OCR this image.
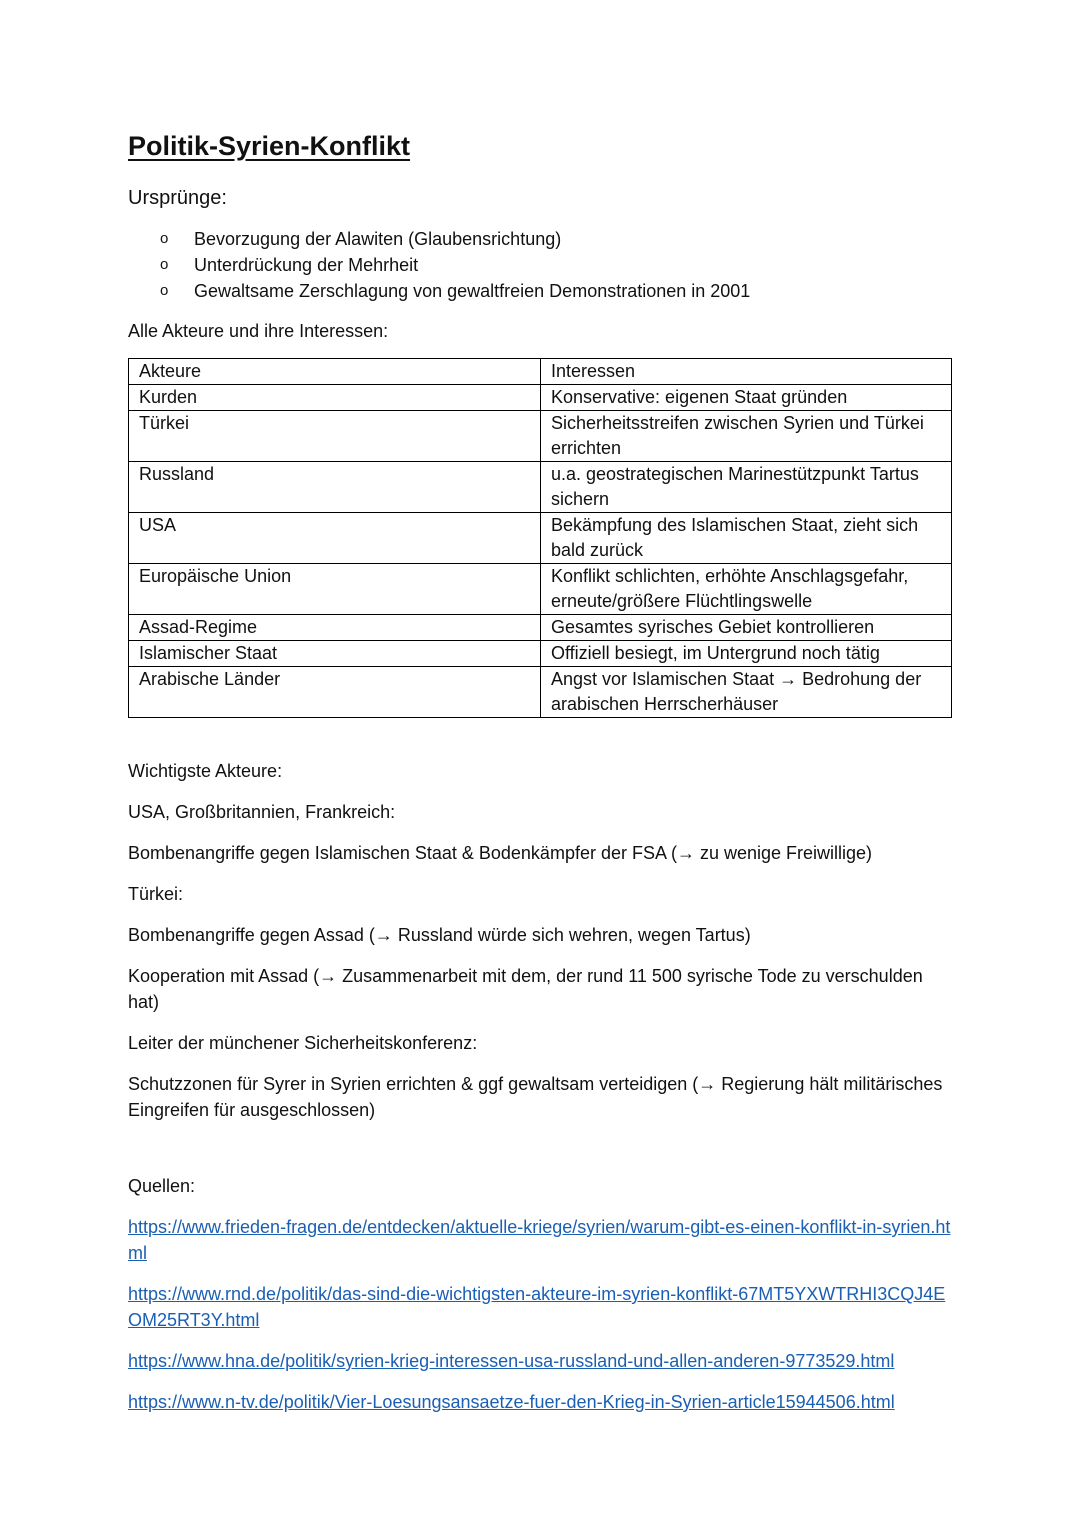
Politik-Syrien-Konflikt

Ursprünge:

o	Bevorzugung der Alawiten (Glaubensrichtung)
o	Unterdrückung der Mehrheit
o	Gewaltsame Zerschlagung von gewaltfreien Demonstrationen in 2001

Alle Akteure und ihre Interessen:

Akteure	Interessen
Kurden	Konservative: eigenen Staat gründen
Türkei	Sicherheitsstreifen zwischen Syrien und Türkei errichten
Russland	u.a. geostrategischen Marinestützpunkt Tartus sichern
USA	Bekämpfung des Islamischen Staat, zieht sich bald zurück
Europäische Union	Konflikt schlichten, erhöhte Anschlagsgefahr, erneute/größere Flüchtlingswelle
Assad-Regime	Gesamtes syrisches Gebiet kontrollieren
Islamischer Staat	Offiziell besiegt, im Untergrund noch tätig
Arabische Länder	Angst vor Islamischen Staat → Bedrohung der arabischen Herrscherhäuser

Wichtigste Akteure:

USA, Großbritannien, Frankreich:

Bombenangriffe gegen Islamischen Staat & Bodenkämpfer der FSA (→ zu wenige Freiwillige)

Türkei:

Bombenangriffe gegen Assad (→ Russland würde sich wehren, wegen Tartus)

Kooperation mit Assad (→ Zusammenarbeit mit dem, der rund 11 500 syrische Tode zu verschulden hat)

Leiter der münchener Sicherheitskonferenz:

Schutzzonen für Syrer in Syrien errichten & ggf gewaltsam verteidigen (→ Regierung hält militärisches Eingreifen für ausgeschlossen)

Quellen:

https://www.frieden-fragen.de/entdecken/aktuelle-kriege/syrien/warum-gibt-es-einen-konflikt-in-syrien.html
https://www.rnd.de/politik/das-sind-die-wichtigsten-akteure-im-syrien-konflikt-67MT5YXWTRHI3CQJ4EOM25RT3Y.html
https://www.hna.de/politik/syrien-krieg-interessen-usa-russland-und-allen-anderen-9773529.html
https://www.n-tv.de/politik/Vier-Loesungsansaetze-fuer-den-Krieg-in-Syrien-article15944506.html
